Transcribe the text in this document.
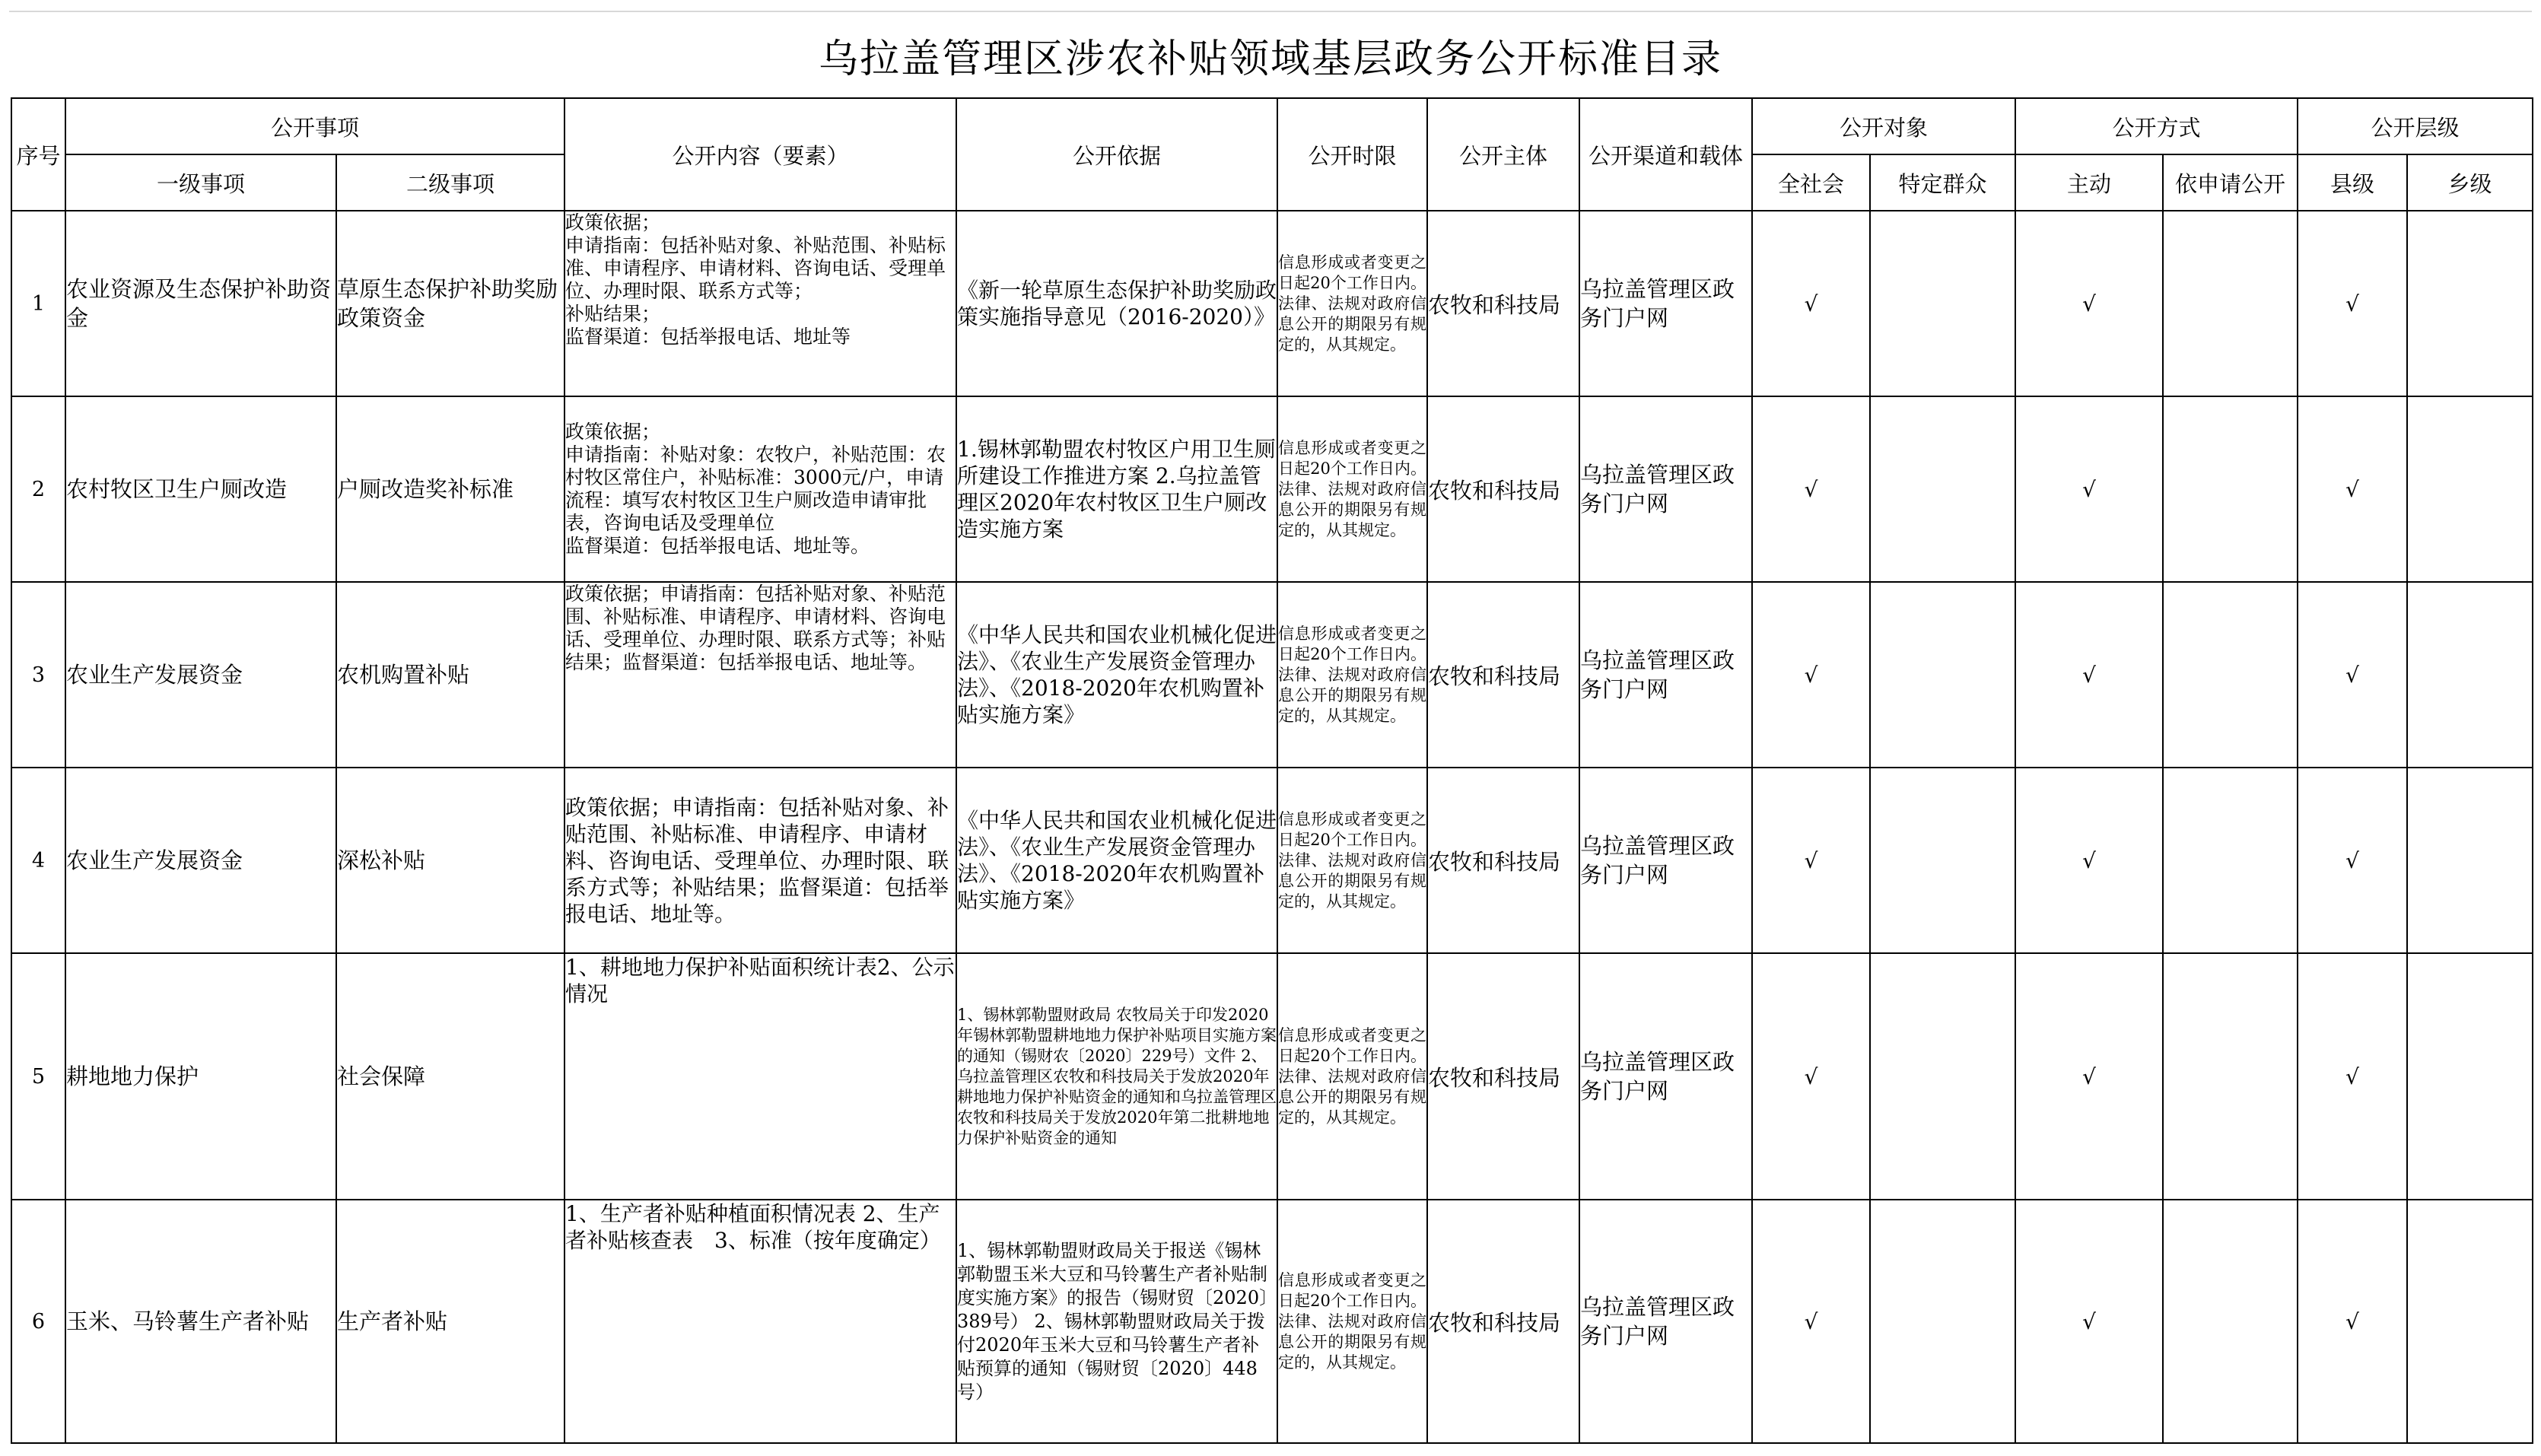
乌拉盖管理区涉农补贴领域基层政务公开标准目录
序号	公开事项		公开内容（要素）	公开依据	公开时限	公开主体	公开渠道和载体	公开对象		公开方式		公开层级	
	一级事项	二级事项						全社会	特定群众	主动	依申请公开	县级	乡级
1	农业资源及生态保护补助资金	草原生态保护补助奖励政策资金	政策依据；
申请指南：包括补贴对象、补贴范围、补贴标准、申请程序、申请材料、咨询电话、受理单位、办理时限、联系方式等；
补贴结果；
监督渠道：包括举报电话、地址等	《新一轮草原生态保护补助奖励政策实施指导意见（2016-2020）》	信息形成或者变更之日起20个工作日内。法律、法规对政府信息公开的期限另有规定的，从其规定。	农牧和科技局	乌拉盖管理区政务门户网	√		√		√	
2	农村牧区卫生户厕改造	户厕改造奖补标准	政策依据；
申请指南：补贴对象：农牧户，补贴范围：农村牧区常住户，补贴标准：3000元/户，申请流程：填写农村牧区卫生户厕改造申请审批表，咨询电话及受理单位
监督渠道：包括举报电话、地址等。	1.锡林郭勒盟农村牧区户用卫生厕所建设工作推进方案 2.乌拉盖管理区2020年农村牧区卫生户厕改造实施方案	信息形成或者变更之日起20个工作日内。法律、法规对政府信息公开的期限另有规定的，从其规定。	农牧和科技局	乌拉盖管理区政务门户网	√		√		√	
3	农业生产发展资金	农机购置补贴	政策依据；申请指南：包括补贴对象、补贴范围、补贴标准、申请程序、申请材料、咨询电话、受理单位、办理时限、联系方式等；补贴结果；监督渠道：包括举报电话、地址等。	《中华人民共和国农业机械化促进法》、《农业生产发展资金管理办法》、《2018-2020年农机购置补贴实施方案》	信息形成或者变更之日起20个工作日内。法律、法规对政府信息公开的期限另有规定的，从其规定。	农牧和科技局	乌拉盖管理区政务门户网	√		√		√	
4	农业生产发展资金	深松补贴	政策依据；申请指南：包括补贴对象、补贴范围、补贴标准、申请程序、申请材料、咨询电话、受理单位、办理时限、联系方式等；补贴结果；监督渠道：包括举报电话、地址等。	《中华人民共和国农业机械化促进法》、《农业生产发展资金管理办法》、《2018-2020年农机购置补贴实施方案》	信息形成或者变更之日起20个工作日内。法律、法规对政府信息公开的期限另有规定的，从其规定。	农牧和科技局	乌拉盖管理区政务门户网	√		√		√	
5	耕地地力保护	社会保障	1、耕地地力保护补贴面积统计表2、公示情况	1、锡林郭勒盟财政局 农牧局关于印发2020年锡林郭勒盟耕地地力保护补贴项目实施方案的通知（锡财农〔2020〕229号）文件 2、乌拉盖管理区农牧和科技局关于发放2020年耕地地力保护补贴资金的通知和乌拉盖管理区农牧和科技局关于发放2020年第二批耕地地力保护补贴资金的通知	信息形成或者变更之日起20个工作日内。法律、法规对政府信息公开的期限另有规定的，从其规定。	农牧和科技局	乌拉盖管理区政务门户网	√		√		√	
6	玉米、马铃薯生产者补贴	生产者补贴	1、生产者补贴种植面积情况表 2、生产者补贴核查表　3、标准（按年度确定）	1、锡林郭勒盟财政局关于报送《锡林郭勒盟玉米大豆和马铃薯生产者补贴制度实施方案》的报告（锡财贸〔2020〕389号） 2、锡林郭勒盟财政局关于拨付2020年玉米大豆和马铃薯生产者补贴预算的通知（锡财贸〔2020〕448号）	信息形成或者变更之日起20个工作日内。法律、法规对政府信息公开的期限另有规定的，从其规定。	农牧和科技局	乌拉盖管理区政务门户网	√		√		√	
